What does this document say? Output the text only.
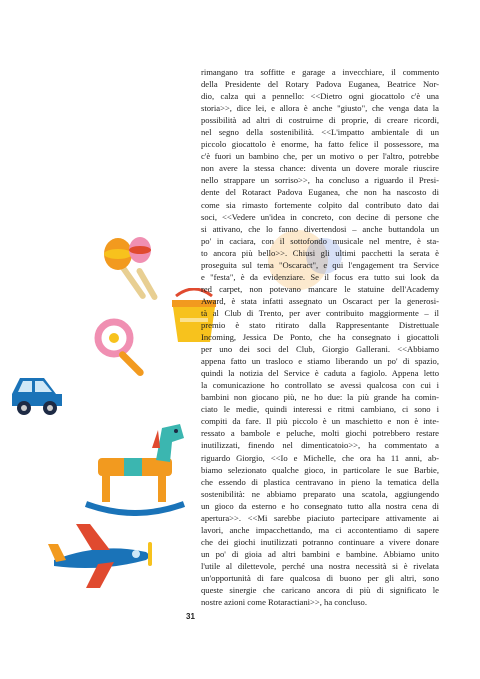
rimangano tra soffitte e garage a invecchiare, il commento
della Presidente del Rotary Padova Euganea, Beatrice Nor-
dio, calza qui a pennello: <<Dietro ogni giocattolo c'è una
storia>>, dice lei, e allora è anche "giusto", che venga data la
possibilità ad altri di costruirne di proprie, di creare ricordi,
nel segno della sostenibilità. <<L'impatto ambientale di un
piccolo giocattolo è enorme, ha fatto felice il possessore, ma
c'è fuori un bambino che, per un motivo o per l'altro, potrebbe
non avere la stessa chance: diventa un dovere morale riuscire
nello strappare un sorriso>>, ha concluso a riguardo il Presi-
dente del Rotaract Padova Euganea, che non ha nascosto di
come sia rimasto fortemente colpito dal contributo dato dai
soci, <<Vedere un'idea in concreto, con decine di persone che
si attivano, che lo fanno divertendosi – anche buttandola un
po' in caciara, con il sottofondo musicale nel mentre, è sta-
to ancora più bello>>. Chiusi gli ultimi pacchetti la serata è
proseguita sul tema "Oscaract", e qui l'engagement tra Service
e "festa", è da evidenziare. Se il focus era tutto sui look da
red carpet, non potevano mancare le statuine dell'Academy
Award, è stata infatti assegnato un Oscaract per la generosi-
tà al Club di Trento, per aver contribuito maggiormente – il
premio è stato ritirato dalla Rappresentante Distrettuale
Incoming, Jessica De Ponto, che ha consegnato i giocattoli
per uno dei soci del Club, Giorgio Gallerani. <<Abbiamo
appena fatto un trasloco e stiamo liberando un po' di spazio,
quindi la notizia del Service è caduta a fagiolo. Appena letto
la comunicazione ho controllato se avessi qualcosa con cui i
bambini non giocano più, ne ho due: la più grande ha comin-
ciato le medie, quindi interessi e ritmi cambiano, ci sono i
compiti da fare. Il più piccolo è un maschietto e non è inte-
ressato a bambole e peluche, molti giochi potrebbero restare
inutilizzati, finendo nel dimenticatoio>>, ha commentato a
riguardo Giorgio, <<Io e Michelle, che ora ha 11 anni, ab-
biamo selezionato qualche gioco, in particolare le sue Barbie,
che essendo di plastica centravano in pieno la tematica della
sostenibilità: ne abbiamo preparato una scatola, aggiungendo
un gioco da esterno e ho consegnato tutto alla nostra cena di
apertura>>. <<Mi sarebbe piaciuto partecipare attivamente ai
lavori, anche impacchettando, ma ci accontentiamo di sapere
che dei giochi inutilizzati potranno continuare a vivere donare
un po' di gioia ad altri bambini e bambine. Abbiamo unito
l'utile al dilettevole, perché una nostra necessità si è rivelata
un'opportunità di fare qualcosa di buono per gli altri, sono
queste sinergie che caricano ancora di più di significato le
nostre azioni come Rotaractiani>>, ha concluso.
31
